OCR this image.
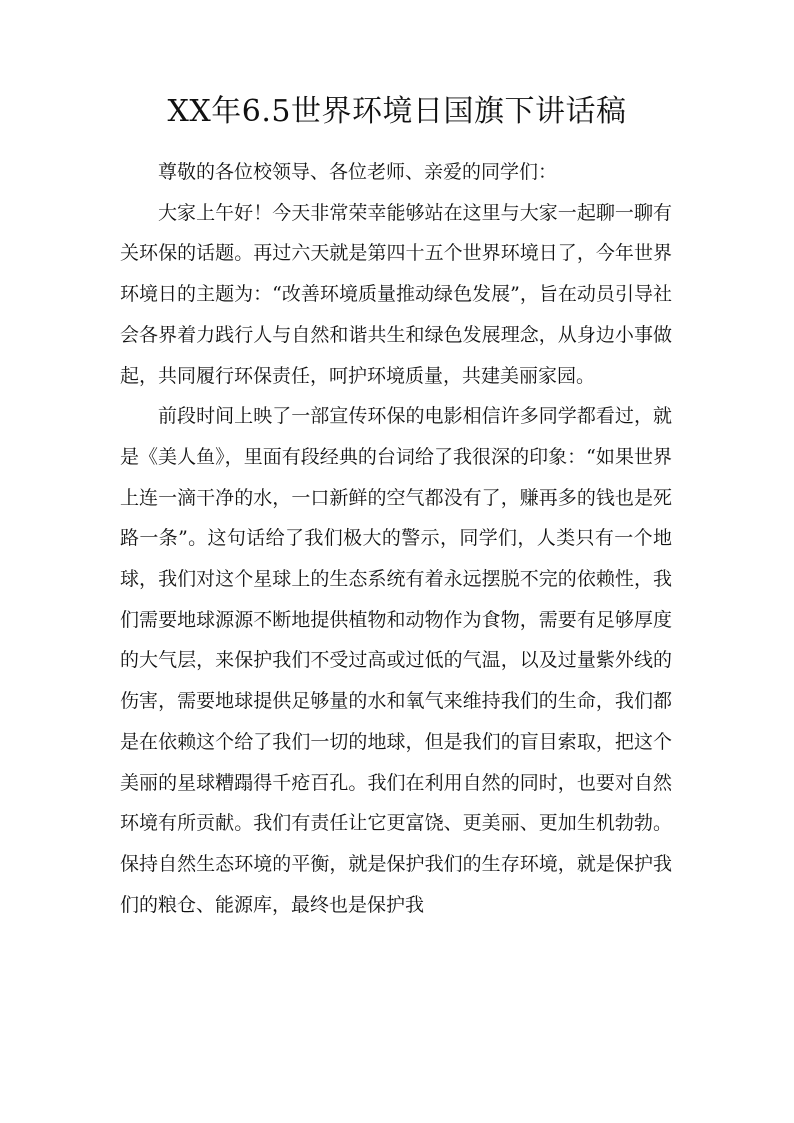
XX年6.5世界环境日国旗下讲话稿

尊敬的各位校领导、各位老师、亲爱的同学们：

大家上午好！今天非常荣幸能够站在这里与大家一起聊一聊有关环保的话题。再过六天就是第四十五个世界环境日了，今年世界环境日的主题为：“改善环境质量推动绿色发展”，旨在动员引导社会各界着力践行人与自然和谐共生和绿色发展理念，从身边小事做起，共同履行环保责任，呵护环境质量，共建美丽家园。

前段时间上映了一部宣传环保的电影相信许多同学都看过，就是《美人鱼》，里面有段经典的台词给了我很深的印象：“如果世界上连一滴干净的水，一口新鲜的空气都没有了，赚再多的钱也是死路一条”。这句话给了我们极大的警示，同学们，人类只有一个地球，我们对这个星球上的生态系统有着永远摆脱不完的依赖性，我们需要地球源源不断地提供植物和动物作为食物，需要有足够厚度的大气层，来保护我们不受过高或过低的气温，以及过量紫外线的伤害，需要地球提供足够量的水和氧气来维持我们的生命，我们都是在依赖这个给了我们一切的地球，但是我们的盲目索取，把这个美丽的星球糟蹋得千疮百孔。我们在利用自然的同时，也要对自然环境有所贡献。我们有责任让它更富饶、更美丽、更加生机勃勃。保持自然生态环境的平衡，就是保护我们的生存环境，就是保护我们的粮仓、能源库，最终也是保护我
